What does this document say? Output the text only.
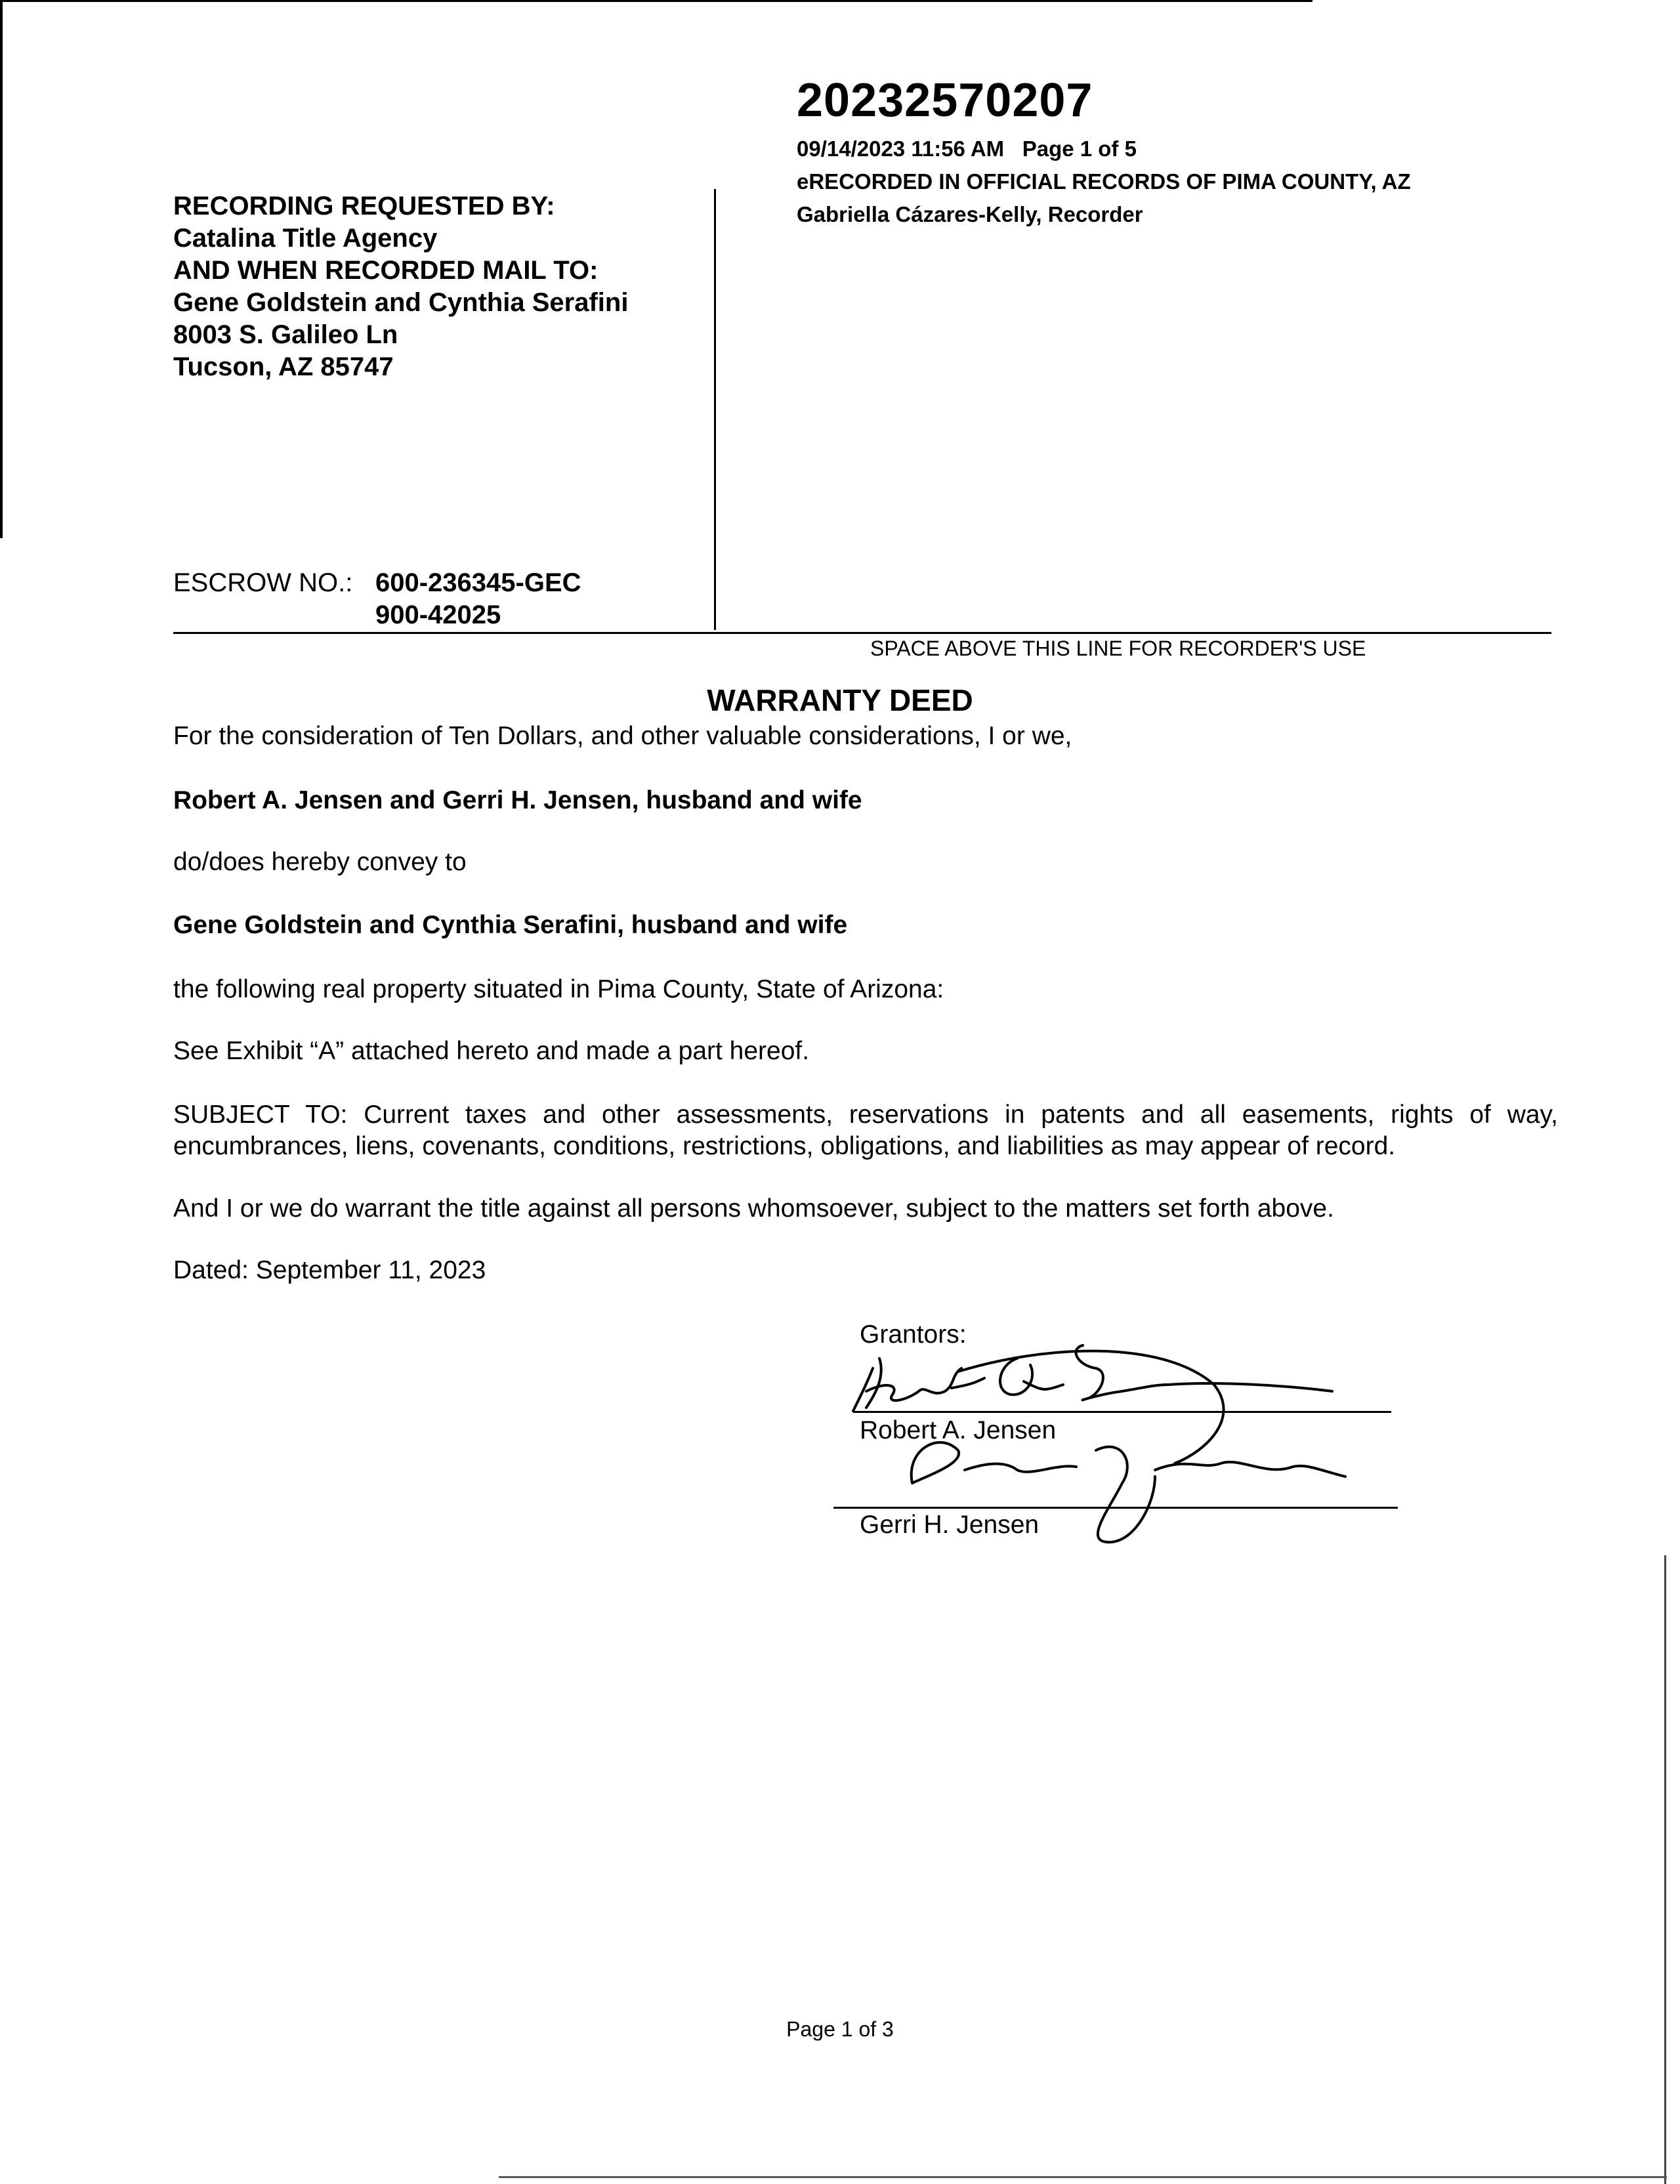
20232570207
09/14/2023 11:56 AM Page 1 of 5
eRECORDED IN OFFICIAL RECORDS OF PIMA COUNTY, AZ
Gabriella Cázares-Kelly, Recorder
RECORDING REQUESTED BY:
Catalina Title Agency
AND WHEN RECORDED MAIL TO:
Gene Goldstein and Cynthia Serafini
8003 S. Galileo Ln
Tucson, AZ 85747
ESCROW NO.: 600-236345-GEC
900-42025
SPACE ABOVE THIS LINE FOR RECORDER'S USE
WARRANTY DEED
For the consideration of Ten Dollars, and other valuable considerations, I or we,
Robert A. Jensen and Gerri H. Jensen, husband and wife
do/does hereby convey to
Gene Goldstein and Cynthia Serafini, husband and wife
the following real property situated in Pima County, State of Arizona:
See Exhibit “A” attached hereto and made a part hereof.
SUBJECT TO: Current taxes and other assessments, reservations in patents and all easements, rights of way, encumbrances, liens, covenants, conditions, restrictions, obligations, and liabilities as may appear of record.
And I or we do warrant the title against all persons whomsoever, subject to the matters set forth above.
Dated: September 11, 2023
Grantors:
Robert A. Jensen
Gerri H. Jensen
Page 1 of 3
